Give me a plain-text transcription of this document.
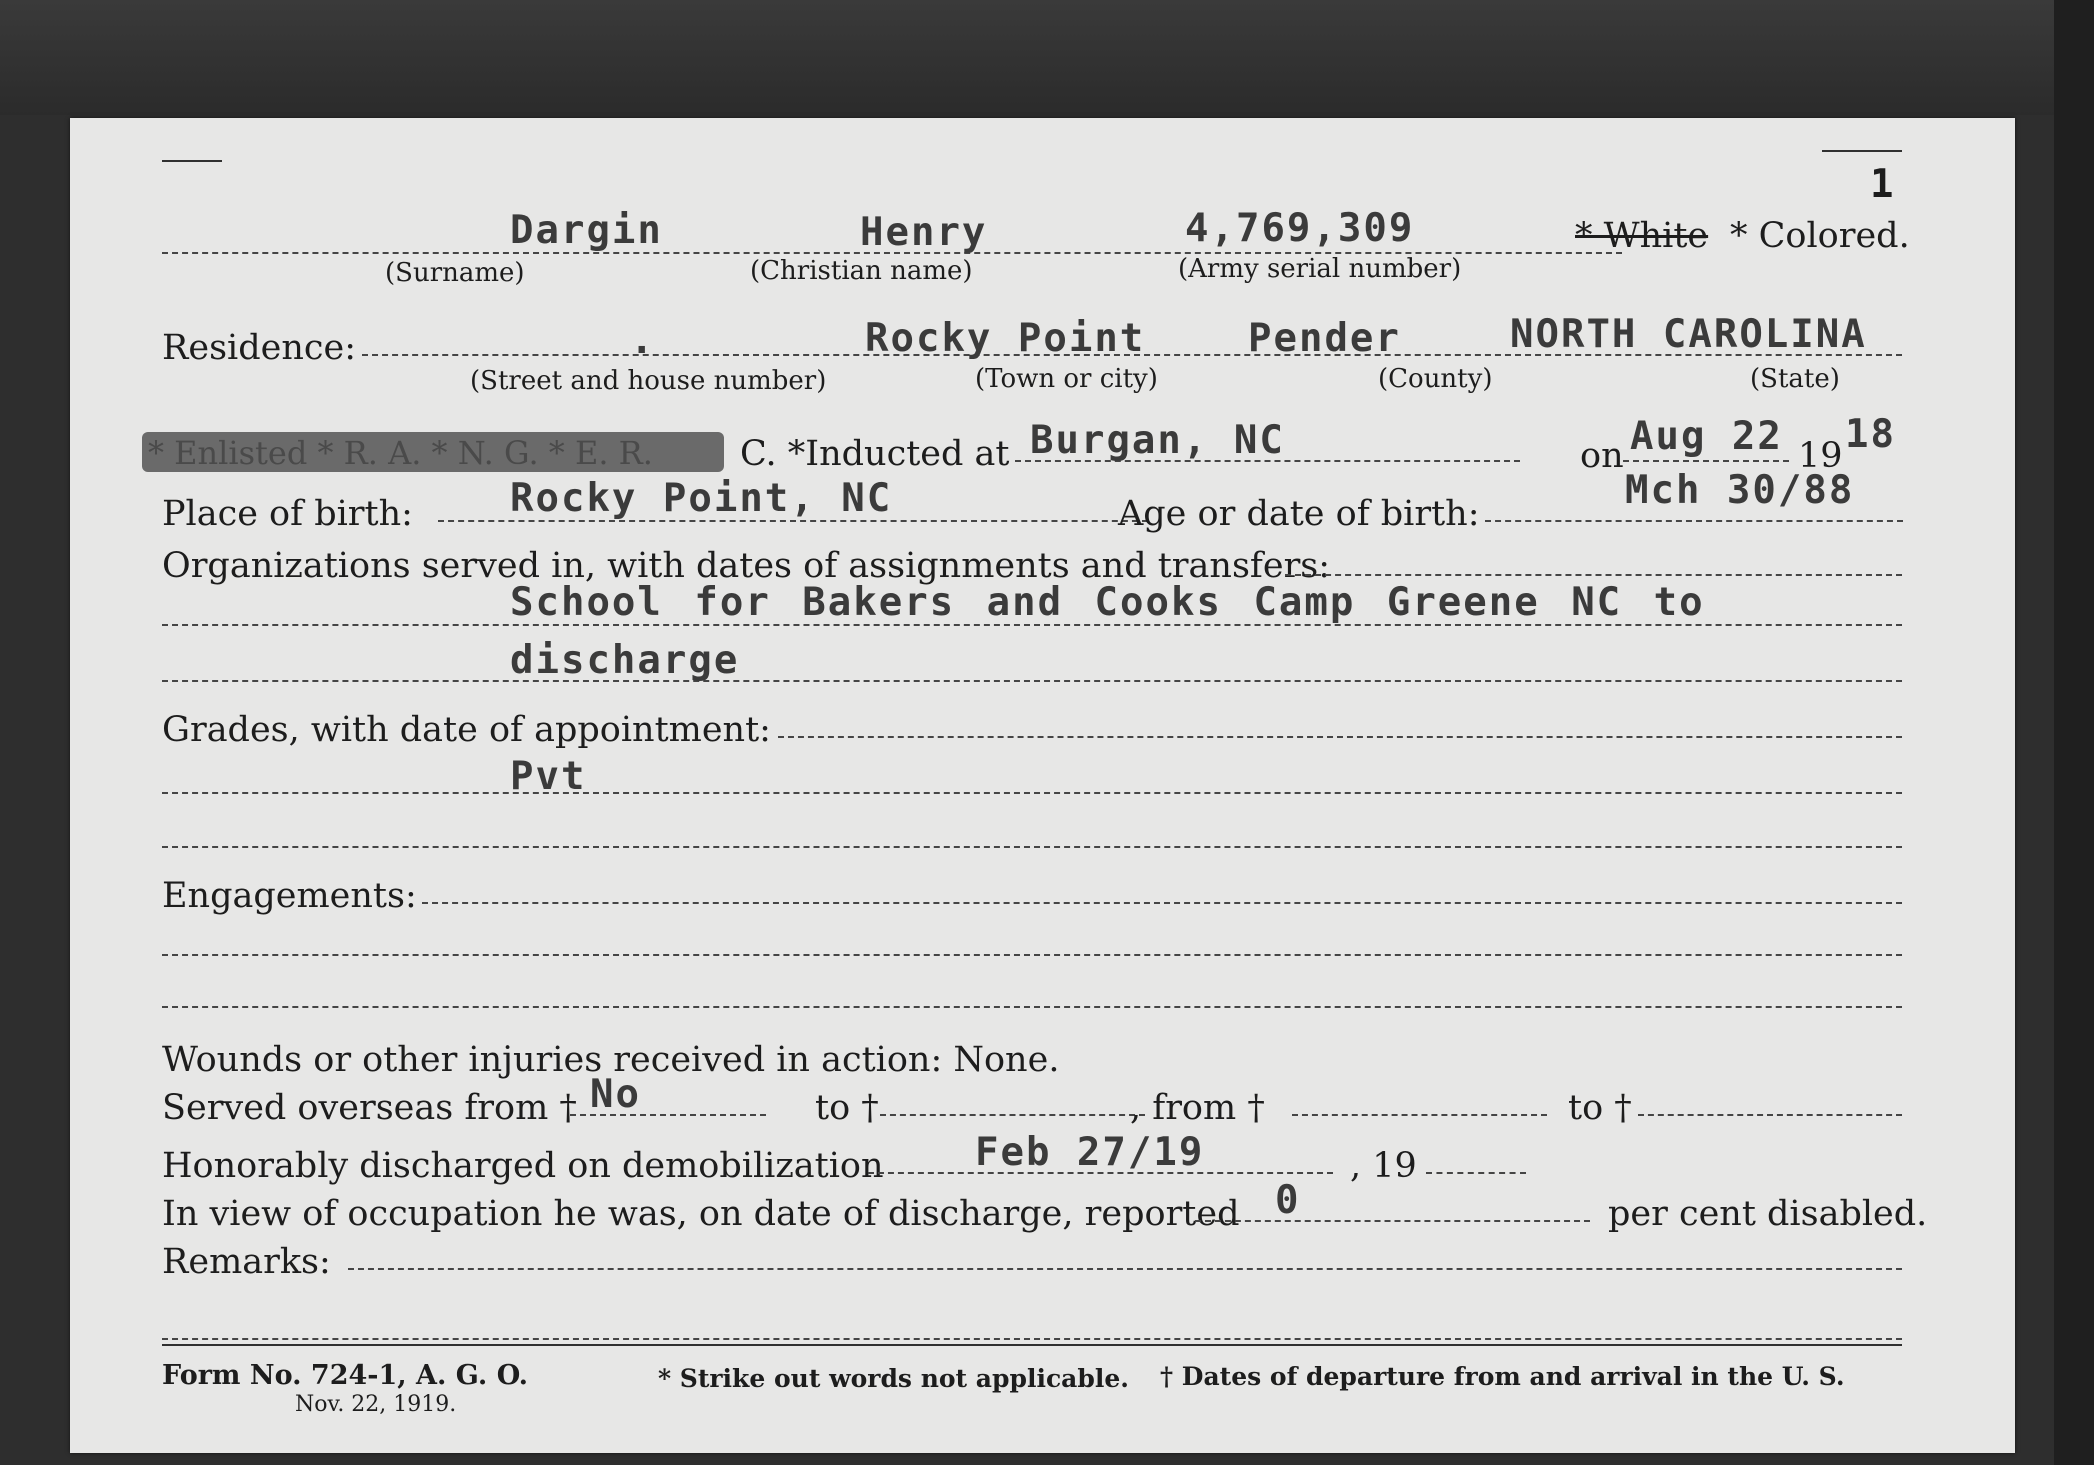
1
Dargin	Henry	4,769,309	* White * Colored.
(Surname)	(Christian name)	(Army serial number)
Residence:	.	Rocky Point	Pender	NORTH CAROLINA
(Street and house number)	(Town or city)	(County)	(State)
* Enlisted * R. A. * N. G. * E. R.	C. *Inducted at Burgan, NC	on Aug 22 19 18
Place of birth: Rocky Point, NC	Age or date of birth:
Mch 30/88
Organizations served in, with dates of assignments and transfers:
School for Bakers and Cooks Camp Greene NC to
discharge
Grades, with date of appointment:
Pvt
Engagements:
Wounds or other injuries received in action: None.
Served overseas from † No	to †	, from †	to †
Honorably discharged on demobilization Feb 27/19	, 19
In view of occupation he was, on date of discharge, reported 0	per cent disabled.
Remarks:
Form No. 724-1, A. G. O.
Nov. 22, 1919.
* Strike out words not applicable. † Dates of departure from and arrival in the U. S.
